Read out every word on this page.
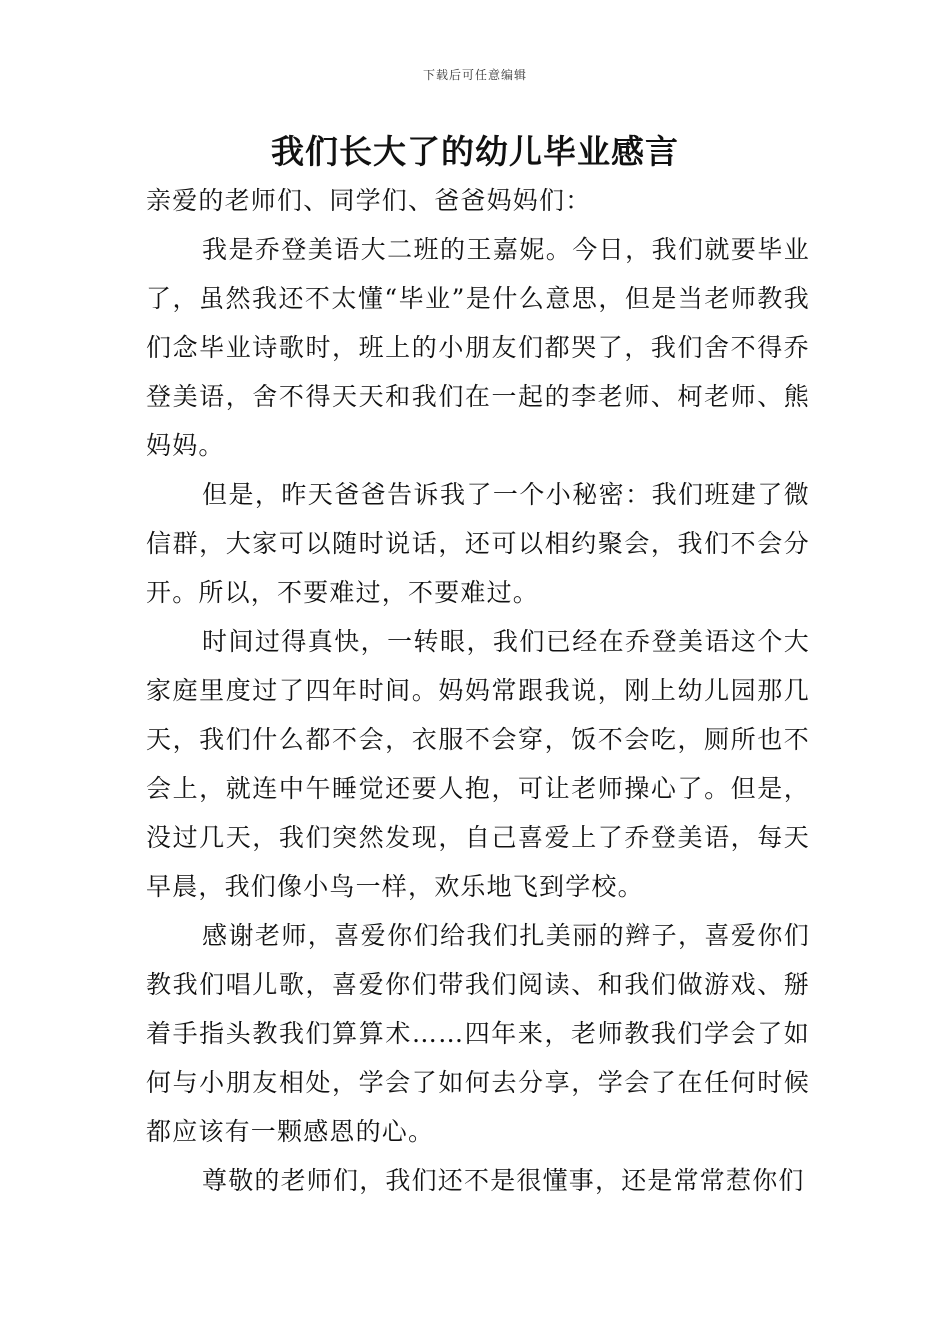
下载后可任意编辑
我们长大了的幼儿毕业感言

亲爱的老师们、同学们、爸爸妈妈们：

我是乔登美语大二班的王嘉妮。今日，我们就要毕业了，虽然我还不太懂“毕业”是什么意思，但是当老师教我们念毕业诗歌时，班上的小朋友们都哭了，我们舍不得乔登美语，舍不得天天和我们在一起的李老师、柯老师、熊妈妈。

但是，昨天爸爸告诉我了一个小秘密：我们班建了微信群，大家可以随时说话，还可以相约聚会，我们不会分开。所以，不要难过，不要难过。

时间过得真快，一转眼，我们已经在乔登美语这个大家庭里度过了四年时间。妈妈常跟我说，刚上幼儿园那几天，我们什么都不会，衣服不会穿，饭不会吃，厕所也不会上，就连中午睡觉还要人抱，可让老师操心了。但是，没过几天，我们突然发现，自己喜爱上了乔登美语，每天早晨，我们像小鸟一样，欢乐地飞到学校。

感谢老师，喜爱你们给我们扎美丽的辫子，喜爱你们教我们唱儿歌，喜爱你们带我们阅读、和我们做游戏、掰着手指头教我们算算术……四年来，老师教我们学会了如何与小朋友相处，学会了如何去分享，学会了在任何时候都应该有一颗感恩的心。

尊敬的老师们，我们还不是很懂事，还是常常惹你们
